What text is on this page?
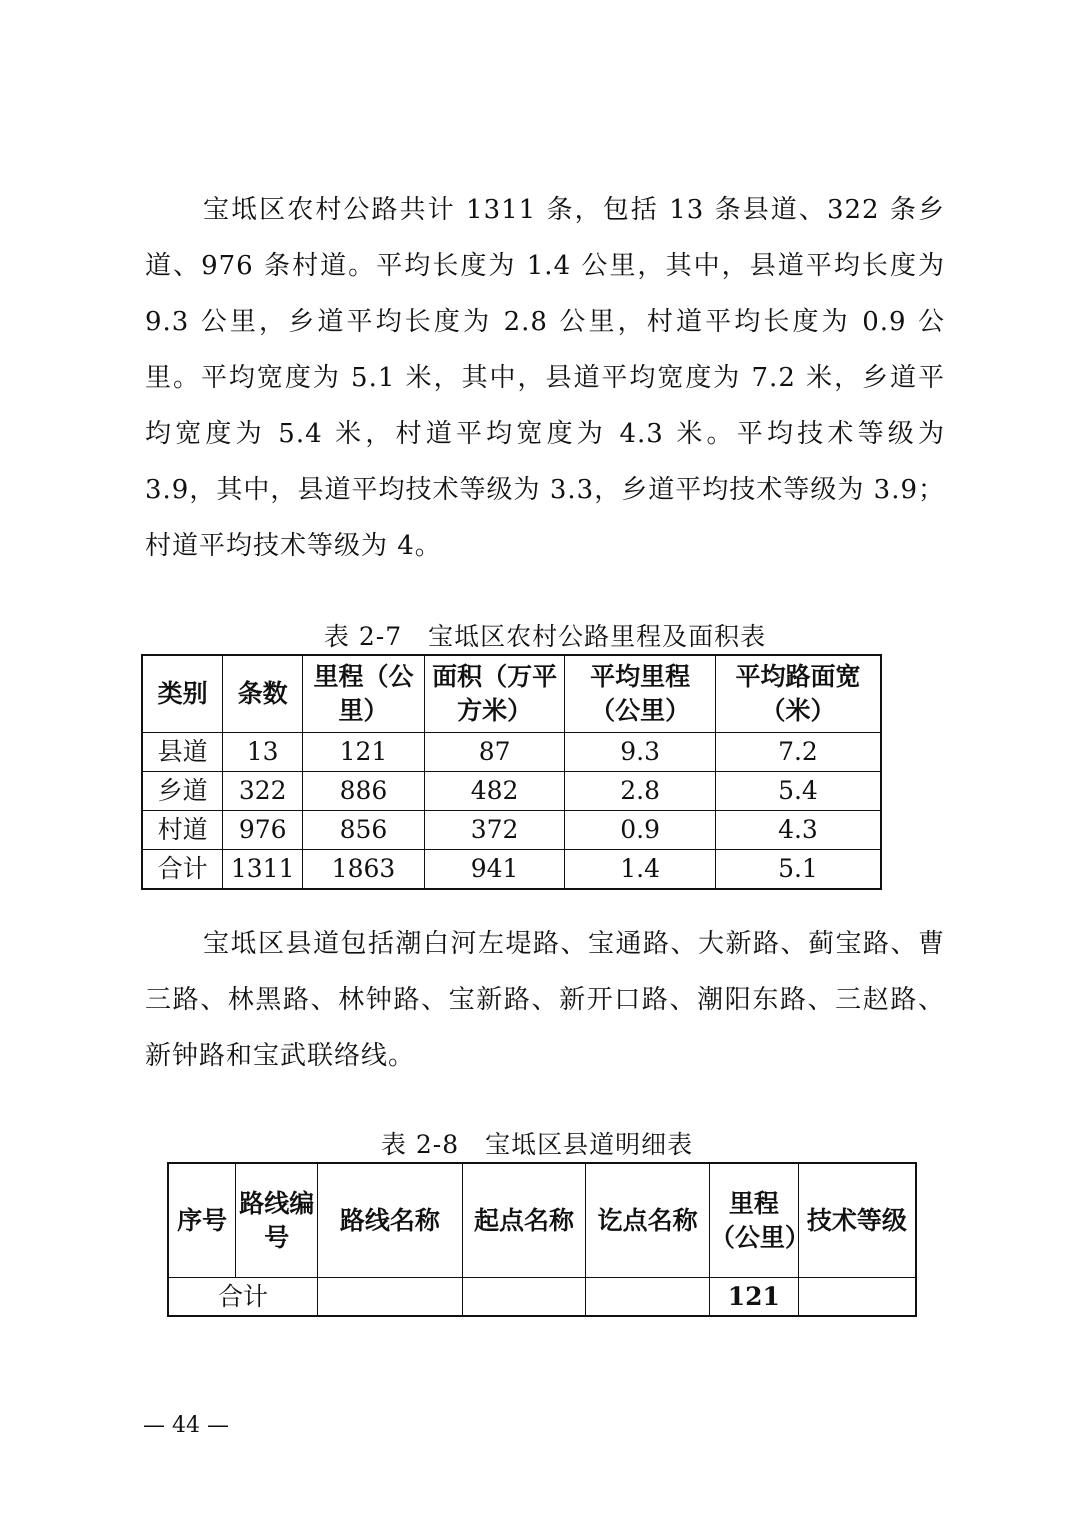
宝坻区农村公路共计 1311 条，包括 13 条县道、322 条乡道、976 条村道。平均长度为 1.4 公里，其中，县道平均长度为 9.3 公里，乡道平均长度为 2.8 公里，村道平均长度为 0.9 公里。平均宽度为 5.1 米，其中，县道平均宽度为 7.2 米，乡道平均宽度为 5.4 米，村道平均宽度为 4.3 米。平均技术等级为 3.9，其中，县道平均技术等级为 3.3，乡道平均技术等级为 3.9；村道平均技术等级为 4。

表 2-7　宝坻区农村公路里程及面积表
类别	条数	里程（公里）	面积（万平方米）	平均里程（公里）	平均路面宽（米）
县道	13	121	87	9.3	7.2
乡道	322	886	482	2.8	5.4
村道	976	856	372	0.9	4.3
合计	1311	1863	941	1.4	5.1

宝坻区县道包括潮白河左堤路、宝通路、大新路、蓟宝路、曹三路、林黑路、林钟路、宝新路、新开口路、潮阳东路、三赵路、新钟路和宝武联络线。

表 2-8　宝坻区县道明细表
序号	路线编号	路线名称	起点名称	讫点名称	里程（公里）	技术等级
合计					121	
— 44 —
